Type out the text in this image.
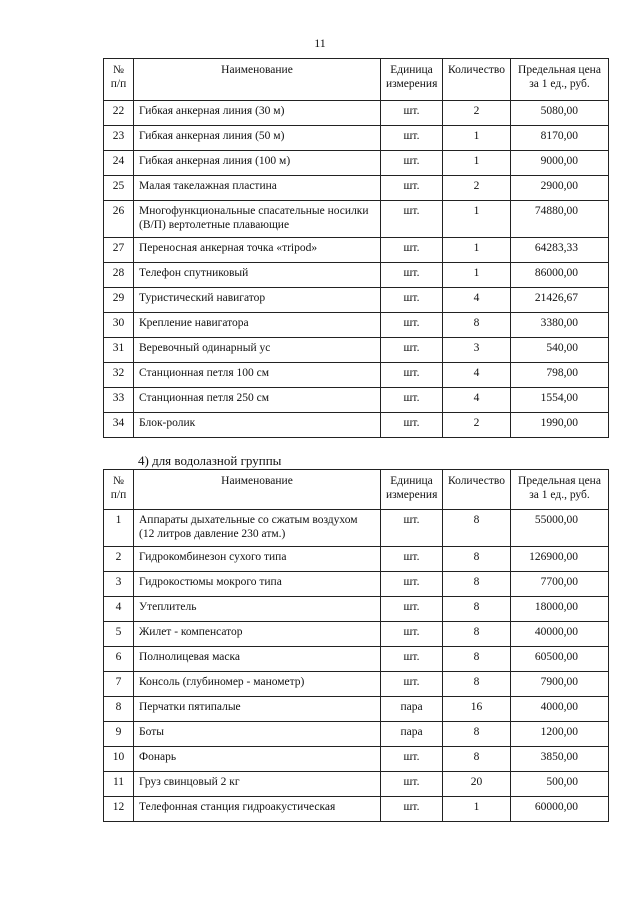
11
№ п/п	Наименование	Единица измерения	Количество	Предельная цена за 1 ед., руб.
22	Гибкая анкерная линия (30 м)	шт.	2	5080,00
23	Гибкая анкерная линия (50 м)	шт.	1	8170,00
24	Гибкая анкерная линия (100 м)	шт.	1	9000,00
25	Малая такелажная пластина	шт.	2	2900,00
26	Многофункциональные спасательные носилки (В/П) вертолетные плавающие	шт.	1	74880,00
27	Переносная анкерная точка «тripod»	шт.	1	64283,33
28	Телефон спутниковый	шт.	1	86000,00
29	Туристический навигатор	шт.	4	21426,67
30	Крепление навигатора	шт.	8	3380,00
31	Веревочный одинарный ус	шт.	3	540,00
32	Станционная петля 100 см	шт.	4	798,00
33	Станционная петля 250 см	шт.	4	1554,00
34	Блок-ролик	шт.	2	1990,00
4) для водолазной группы
№ п/п	Наименование	Единица измерения	Количество	Предельная цена за 1 ед., руб.
1	Аппараты дыхательные со сжатым воздухом (12 литров давление 230 атм.)	шт.	8	55000,00
2	Гидрокомбинезон сухого типа	шт.	8	126900,00
3	Гидрокостюмы мокрого типа	шт.	8	7700,00
4	Утеплитель	шт.	8	18000,00
5	Жилет - компенсатор	шт.	8	40000,00
6	Полнолицевая маска	шт.	8	60500,00
7	Консоль (глубиномер - манометр)	шт.	8	7900,00
8	Перчатки пятипалые	пара	16	4000,00
9	Боты	пара	8	1200,00
10	Фонарь	шт.	8	3850,00
11	Груз свинцовый 2 кг	шт.	20	500,00
12	Телефонная станция гидроакустическая	шт.	1	60000,00
